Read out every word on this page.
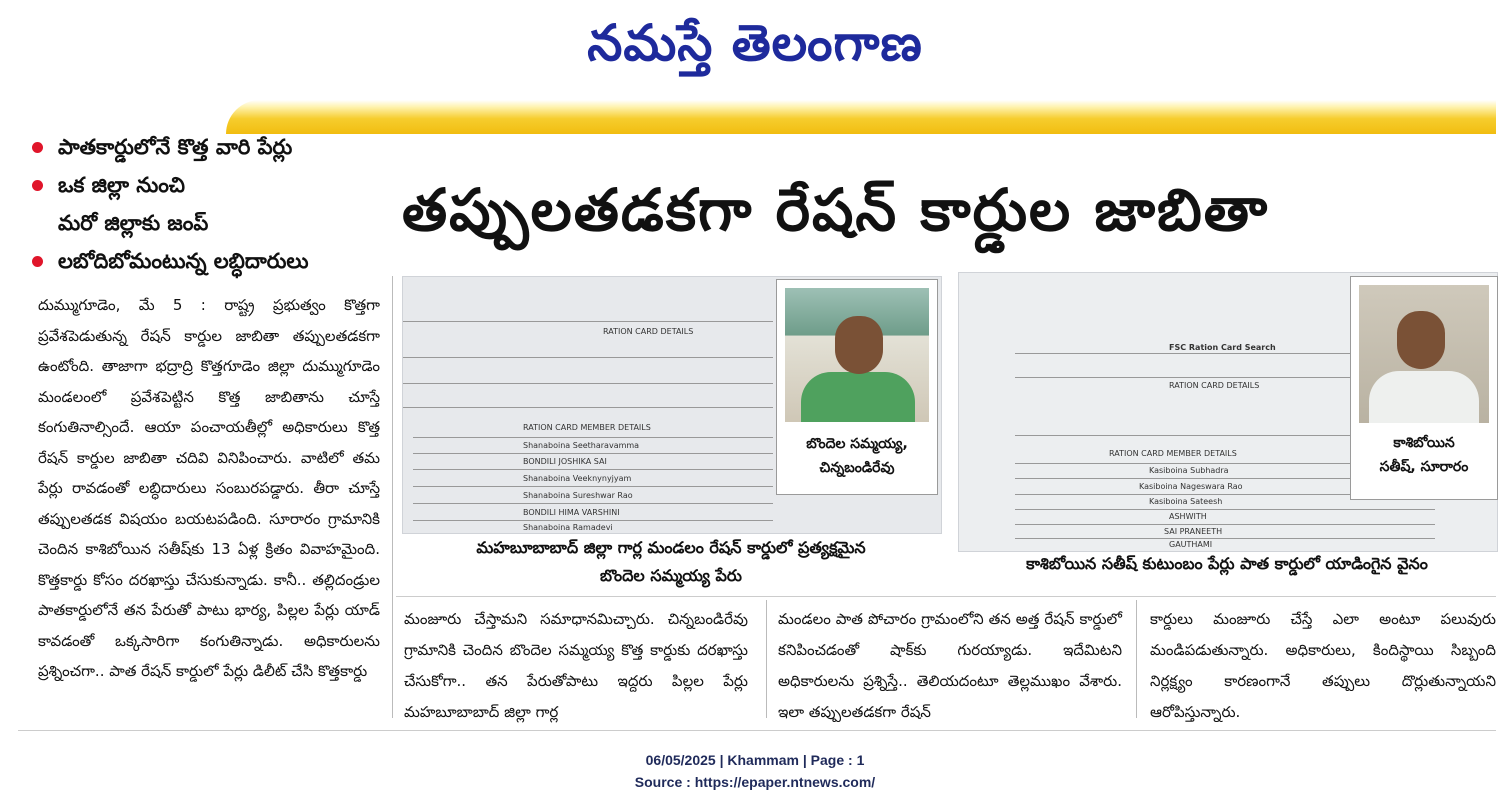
నమస్తే తెలంగాణ
పాతకార్డులోనే కొత్త వారి పేర్లు
ఒక జిల్లా నుంచి
మరో జిల్లాకు జంప్
లబోదిబోమంటున్న లబ్ధిదారులు
తప్పులతడకగా రేషన్ కార్డుల జాబితా
దుమ్ముగూడెం, మే 5 : రాష్ట్ర ప్రభుత్వం కొత్తగా ప్రవేశపెడుతున్న రేషన్ కార్డుల జాబితా తప్పులతడకగా ఉంటోంది. తాజాగా భద్రాద్రి కొత్తగూడెం జిల్లా దుమ్ముగూడెం మండలంలో ప్రవేశపెట్టిన కొత్త జాబితాను చూస్తే కంగుతినాల్సిందే. ఆయా పంచాయతీల్లో అధికారులు కొత్త రేషన్ కార్డుల జాబితా చదివి వినిపించారు. వాటిలో తమ పేర్లు రావడంతో లబ్ధిదారులు సంబురపడ్డారు. తీరా చూస్తే తప్పులతడక విషయం బయటపడింది. సూరారం గ్రామానికి చెందిన కాశిబోయిన సతీష్‌కు 13 ఏళ్ల క్రితం వివాహమైంది. కొత్తకార్డు కోసం దరఖాస్తు చేసుకున్నాడు. కానీ.. తల్లిదండ్రుల పాతకార్డులోనే తన పేరుతో పాటు భార్య, పిల్లల పేర్లు యాడ్ కావడంతో ఒక్కసారిగా కంగుతిన్నాడు. అధికారులను ప్రశ్నించగా.. పాత రేషన్ కార్డులో పేర్లు డిలీట్ చేసి కొత్తకార్డు
RATION CARD DETAILS
RATION CARD MEMBER DETAILS
Shanaboina Seetharavamma
BONDILI JOSHIKA SAI
Shanaboina Veeknynyjyam
Shanaboina Sureshwar Rao
BONDILI HIMA VARSHINI
Shanaboina Ramadevi
బొందెల సమ్మయ్య,
చిన్నబండిరేవు
మహబూబాబాద్ జిల్లా గార్ల మండలం రేషన్ కార్డులో ప్రత్యక్షమైన
బొందెల సమ్మయ్య పేరు
FSC Ration Card Search
RATION CARD DETAILS
RATION CARD MEMBER DETAILS
Kasiboina Subhadra
Kasiboina Nageswara Rao
Kasiboina Sateesh
ASHWITH
SAI PRANEETH
GAUTHAMI
కాశిబోయిన
సతీష్, సూరారం
కాశిబోయిన సతీష్ కుటుంబం పేర్లు పాత కార్డులో యాడింగైన వైనం
మంజూరు చేస్తామని సమాధానమిచ్చారు. చిన్నబండిరేవు గ్రామానికి చెందిన బొందెల సమ్మయ్య కొత్త కార్డుకు దరఖాస్తు చేసుకోగా.. తన పేరుతోపాటు ఇద్దరు పిల్లల పేర్లు మహబూబాబాద్ జిల్లా గార్ల
మండలం పాత పోచారం గ్రామంలోని తన అత్త రేషన్ కార్డులో కనిపించడంతో షాక్‌కు గురయ్యాడు. ఇదేమిటని అధికారులను ప్రశ్నిస్తే.. తెలియదంటూ తెల్లముఖం వేశారు. ఇలా తప్పులతడకగా రేషన్
కార్డులు మంజూరు చేస్తే ఎలా అంటూ పలువురు మండిపడుతున్నారు. అధికారులు, కిందిస్థాయి సిబ్బంది నిర్లక్ష్యం కారణంగానే తప్పులు దొర్లుతున్నాయని ఆరోపిస్తున్నారు.
06/05/2025 | Khammam | Page : 1
Source : https://epaper.ntnews.com/
